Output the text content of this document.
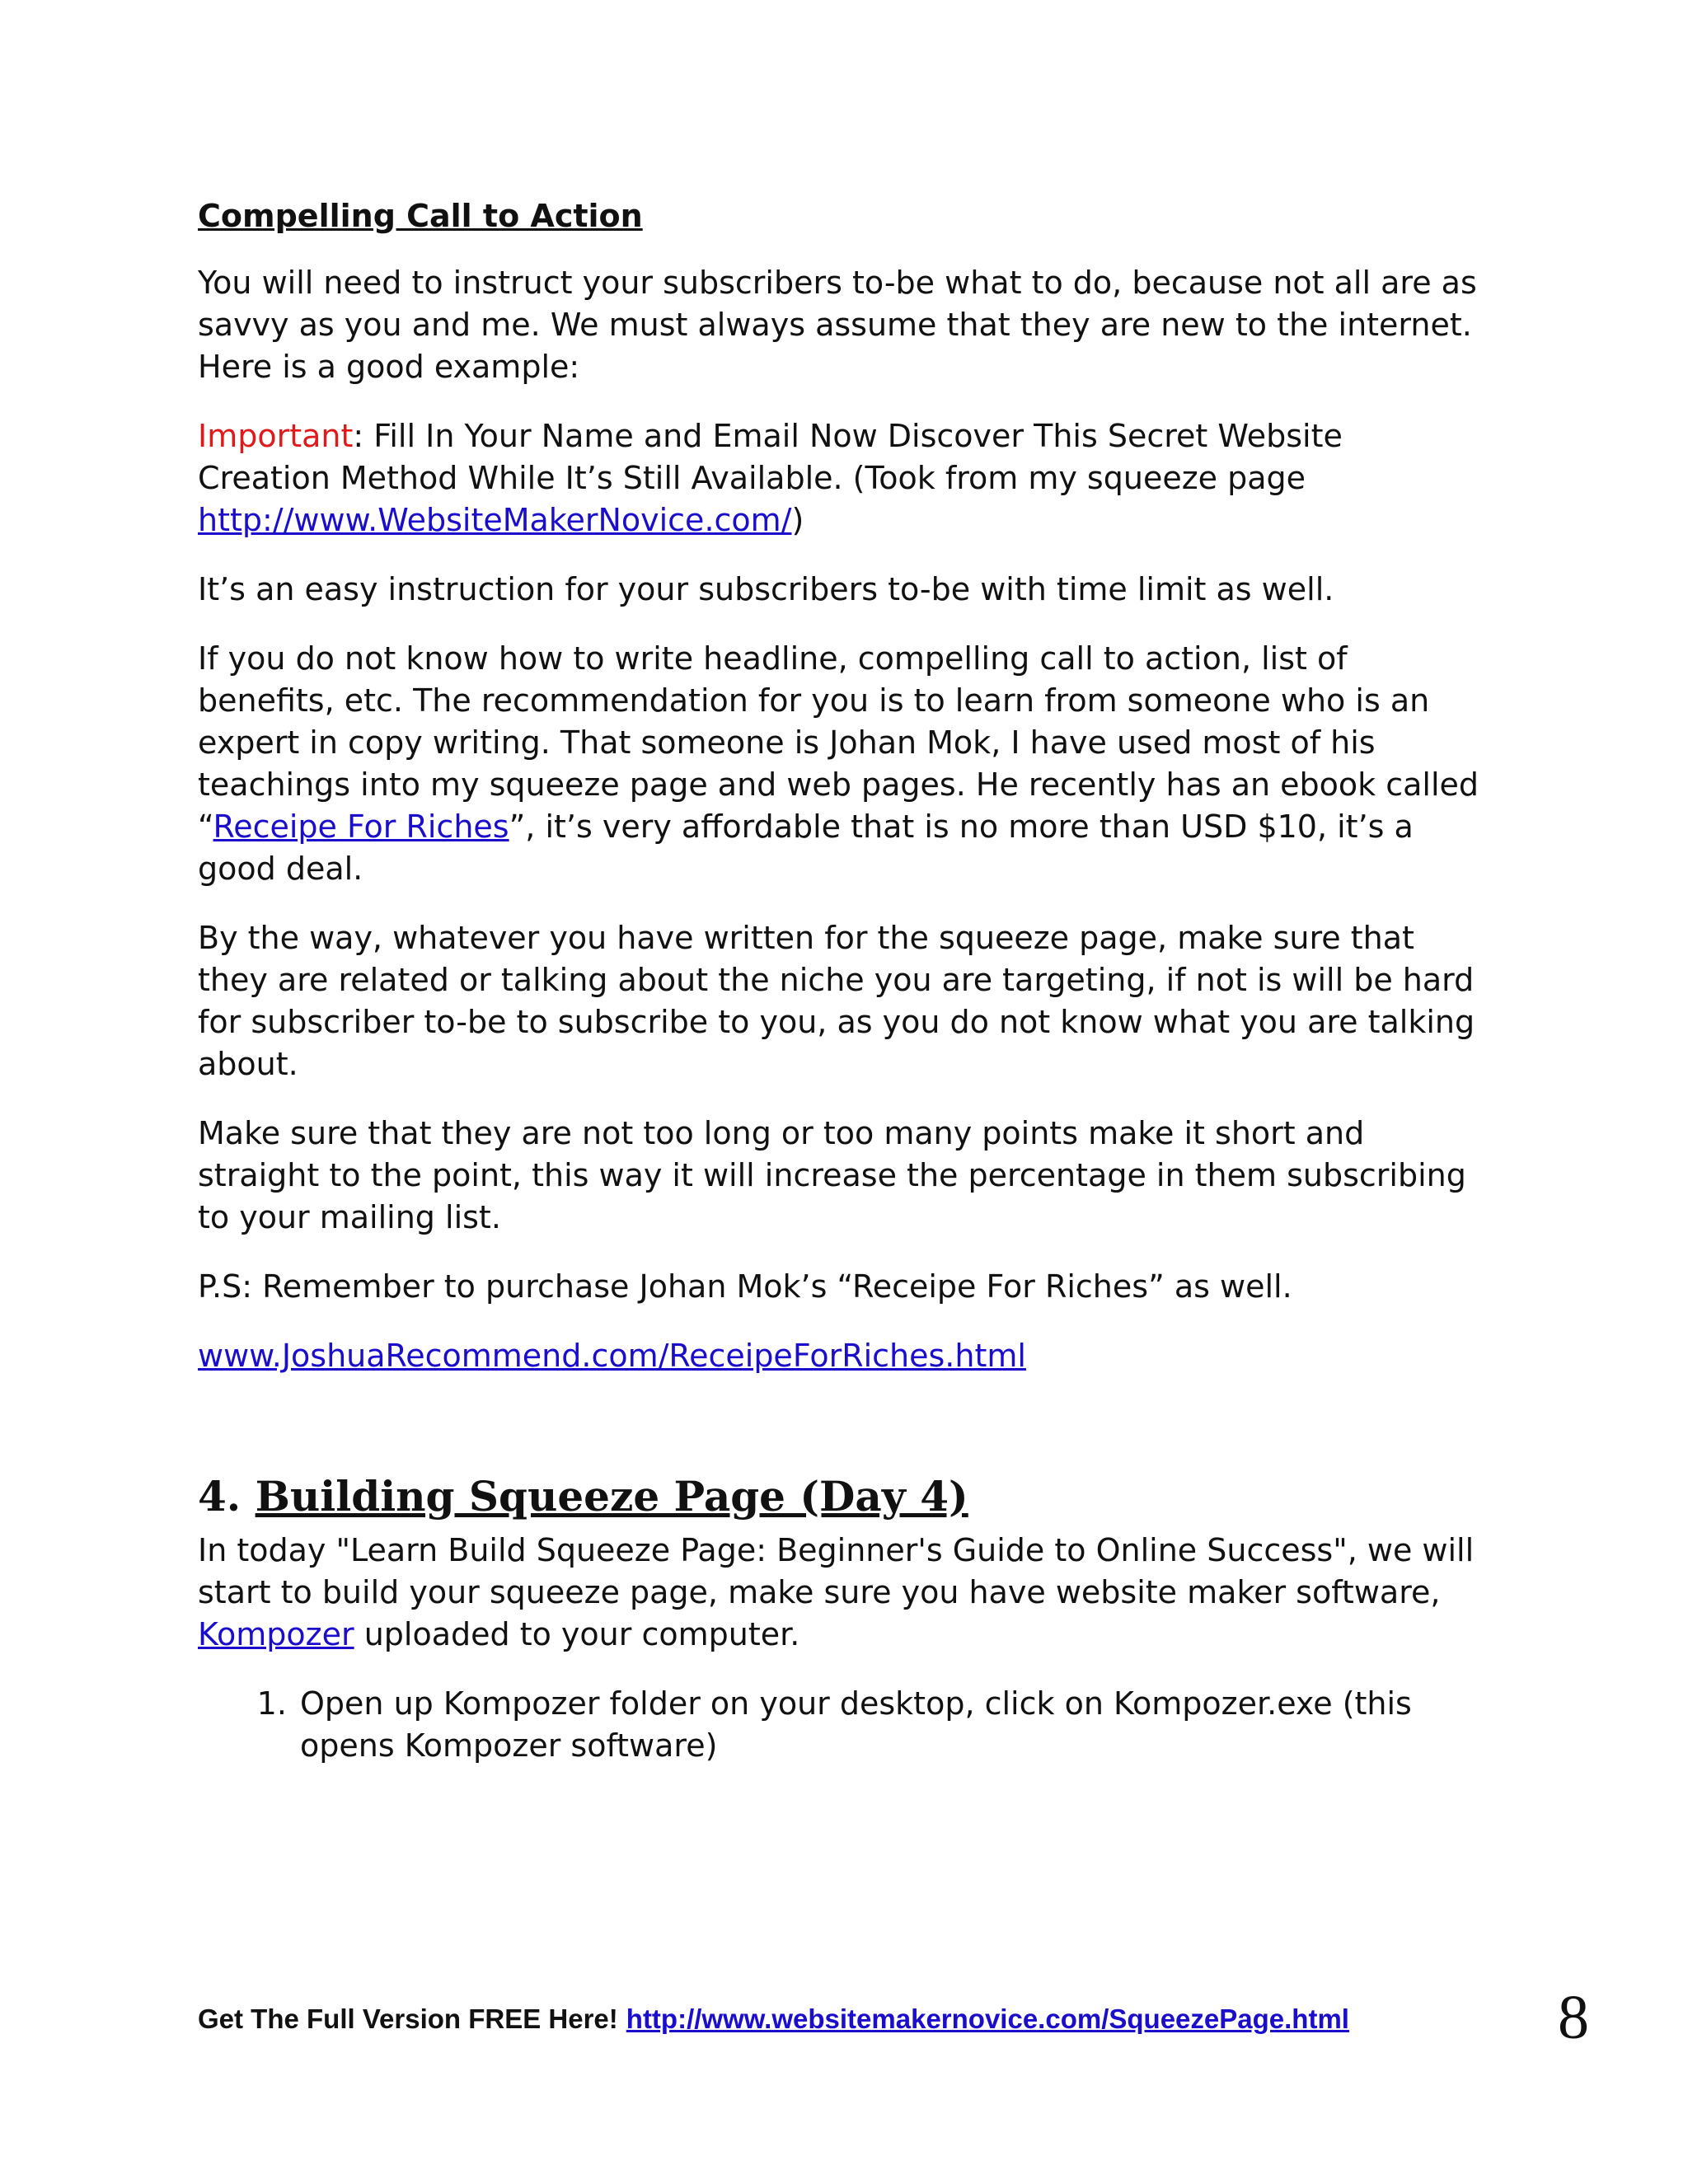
Compelling Call to Action

You will need to instruct your subscribers to-be what to do, because not all are as savvy as you and me. We must always assume that they are new to the internet. Here is a good example:

Important: Fill In Your Name and Email Now Discover This Secret Website Creation Method While It’s Still Available. (Took from my squeeze page http://www.WebsiteMakerNovice.com/)

It’s an easy instruction for your subscribers to-be with time limit as well.

If you do not know how to write headline, compelling call to action, list of benefits, etc. The recommendation for you is to learn from someone who is an expert in copy writing. That someone is Johan Mok, I have used most of his teachings into my squeeze page and web pages. He recently has an ebook called “Receipe For Riches”, it’s very affordable that is no more than USD $10, it’s a good deal.

By the way, whatever you have written for the squeeze page, make sure that they are related or talking about the niche you are targeting, if not is will be hard for subscriber to-be to subscribe to you, as you do not know what you are talking about.

Make sure that they are not too long or too many points make it short and straight to the point, this way it will increase the percentage in them subscribing to your mailing list.

P.S: Remember to purchase Johan Mok’s “Receipe For Riches” as well.

www.JoshuaRecommend.com/ReceipeForRiches.html

4. Building Squeeze Page (Day 4)

In today "Learn Build Squeeze Page: Beginner's Guide to Online Success", we will start to build your squeeze page, make sure you have website maker software, Kompozer uploaded to your computer.

1. Open up Kompozer folder on your desktop, click on Kompozer.exe (this opens Kompozer software)
Get The Full Version FREE Here! http://www.websitemakernovice.com/SqueezePage.html	8
